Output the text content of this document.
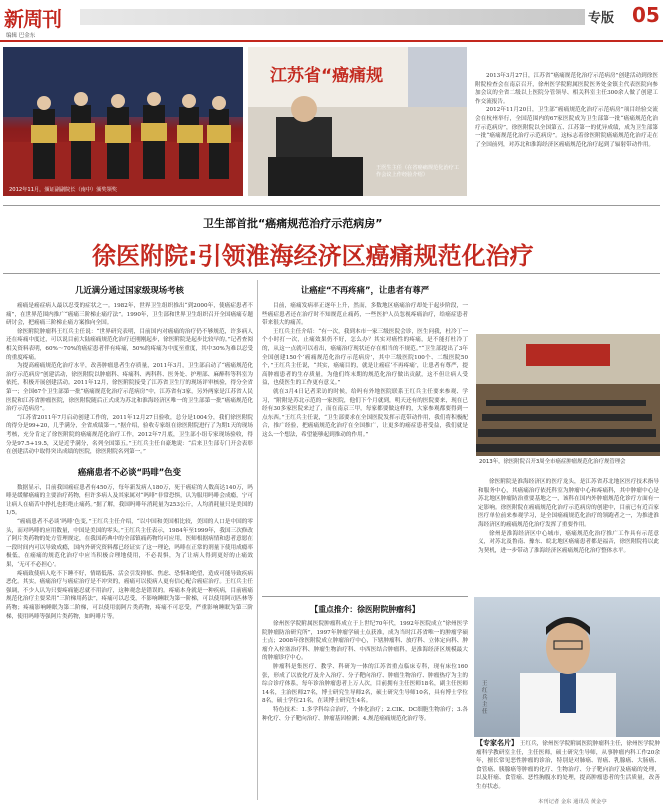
新周刊
编辑 巴金东
专版 05
2012年11月，颁证副副院长（南中）颁奖领奖
江苏省“癌痛规
王医生主任（在省癌痛规范化治疗工作会议上作经验介绍）

2013年3月27日，江苏省“癌痛规范化治疗示范病房”创建活动到徐医附院检查会在南京召开，徐州医学院附属医院医务处金镇主代表医院向参加会议的全省二级以上医院分管领导、相关科室主任300余人做了创建工作交流报告。

2012年11月20日，卫生部“癌痛规范化治疗示范病房”项目经验交流会在杭州举行，全国范围内的67家医院成为卫生部第一批“癌痛规范化治疗示范病房”，徐医附院以全国第五、江苏第一的优异成绩，成为卫生部第一批“癌痛规范化治疗示范病房”。这标志着徐医附院癌痛规范化治疗走在了全国前列，对苏北和淮海经济区癌痛规范化治疗起到了辐射带动作用。

卫生部首批“癌痛规范治疗示范病房”
徐医附院:引领淮海经济区癌痛规范化治疗
几近满分通过国家级现场考核

癌痛是癌症病人最以忍受的症状之一。1982年，世界卫生组织推出“到2000年，使癌症患者不痛”，在世界范围内推广“癌痛三阶梯止痛疗法”。1990年，卫生部和世界卫生组织召开全国癌痛专题研讨会，把癌痛三阶梯止痛方案推向全国。

徐医附院肿瘤科王红兵主任说：“世界研究表明，目前国内对癌痛的治疗仍不够规范，许多病人还在疼痛中度过，可以说目前大陆癌痛规范化治疗还刚刚起步，徐医附院是起步比较早的。”记者查阅相关资料表明，60%～70%的癌症患者伴有疼痛，50%的疼痛为中度至重度，其中30%为难以忍受的重度疼痛。

为提高癌痛规范化治疗水平，改善肿瘤患者生存质量，2011年3月，卫生部启动了“癌痛规范化治疗示范病房”创建活动，徐医附院以肿瘤科、疼痛科、两科科、医务处、护理部、麻醉科等科室为依托，积极开展创建活动。2011年12月，徐医附院接受了江苏省卫生厅的现场评审核验，得分全省第一；全国67个卫生部第一批“癌痛规范化治疗示范病房”中，江苏省有3家，另外两家是江苏省人民医院和江苏省肿瘤医院，徐医附院随后正式成为苏北和淮海经济区唯一的卫生部第一批“癌痛规范化治疗示范病房”。

“江苏省2011年7月启动创建工作的，2011年12月27日验收，总分是1004分，我们徐医附院的得分是99+20，几乎满分，全省成绩第一。”据介绍，验收专家组在徐医附院进行了为期1天的现场考核，充分肯定了徐医附院的癌痛规范化治疗工作，2012年7月底，卫生部小组专家现场验收，得分是97.5+19.5，又是近乎满分，名列全国第五。”王红兵主任自豪地说：“后来卫生部专门开会表彰在创建活动中取得突出成绩的医院，徐医附院名列第一。”

癌痛患者不必谈“吗啡”色变

数据显示，目前我国癌症患者有450万，每年新发病人180万，死于癌症的人数高达140万，吗啡是缓解癌痛的主要治疗药物，但许多病人及其家属对“吗啡”非常恐惧，认为服用吗啡会成瘾，宁可让病人在痛苦中挣扎也拒绝止痛药。”据了解，我国吗啡年消耗量为253公斤，人均消耗量只是美国的1/5。

“癌痛患者不必谈‘吗啡’色变，”王红兵主任介绍，“以中国和美国相比较，美国的人口是中国的零头，而对吗啡的应用数量，中国是美国的零头。”王红兵主任表示，1984年至1999年，我国三次修改了阿片类药物的处方管理规定，在我国药典中的全部镇痛药物均可应用，医师根据病情和患者意愿在一段时间内可以导致成瘾，国内外研究资料都已经证实了这一理论，吗啡在正常的剂量下使用成瘾率极低，在癌痛的规范化治疗中应当积极合理地使用，不必畏惧，为了让病人得到更好的止痛效果，‘无可不必担心’。

疼痛致使病人吃不下睡不好，情绪低落、活会引发抑郁、焦虑、恐惧和绝望，造成可能导致疾病恶化。其实，癌痛治疗与癌症治疗是不冲突的，癌痛可以使病人更有信心配合癌症治疗。王红兵主任强调，不少人认为只要疼痛能忍就不用治疗，这种观念是错误的。疼痛本身就是一种疾病，目前癌痛规范化治疗主要采用“三阶梯用药法”，疼痛可以忍受，不影响睡眠为第一阶梯，可以使用阿司匹林等药物；疼痛影响睡眠为第二阶梯，可以使用弱阿片类药物，疼痛不可忍受，严重影响睡眠为第三阶梯，使用吗啡等强阿片类药物，如吗啡片等。

让癌症“不再疼痛”，让患者有尊严

目前，癌痛发病率正逐年上升，然而，多数地区癌痛治疗却处于起步阶段，一些癌症患者还在治疗时不知规范止痛药，一些医护人员忽视疼痛治疗，给癌症患者带来很大的痛苦。

王红兵主任介绍：“有一次，我到本市一家三级医院会诊，医生问我，杜冷丁一个小时打一次，止痛效果仍不好，怎么办？其实对癌性的疼痛，是不能打杜冷丁的，从这一点就可以看出，癌痛治疗现状还存在相当的不规范。”“卫生部提出了3年全国创建150个‘癌痛规范化治疗示范病房’，其中三级医院100个、二级医院50个，”王红兵主任说，“其实，癌痛目的，就是让癌症‘不再疼痛’，让患者有尊严，提高肿瘤患者的生存质量，为他们终末期的规范化治疗做出贡献，这不但让病人受益，也使医生的工作更有意义。”

就在3月4日记者采访的时候，给吗有外地医院联系王红兵主任要来参观、学习，“附附是苏北示范的一家医院，他们下个月就到，明天还有的医院要来，现在已经有30多家医院来过了，而在南京三甲，每家都要做这样的，大家参观都要得到一点东西。”王红兵主任说，“卫生部要求在全国医院发挥示范带动作用，我们将积极配合，推广经验，把癌痛规范化治疗在全国推广，让更多的癌症患者受益，我们就是这么一个想法，希望能够起到推动的作用。”

【重点推介：徐医附院肿瘤科】

徐州医学院附属医院肿瘤科成立于上世纪70年代，1992年医院成立“徐州医学院肿瘤防治研究所”，1997年肿瘤学硕士点获准，成为当时江苏省唯一的肿瘤学硕士点；2008年徐医附院成立肿瘤治疗中心，下辖肿瘤科、放疗科、立体定向科、肿瘤介入栓塞治疗科、肿瘤生物治疗科、中西医结合肿瘤科，是淮海经济区规模最大的肿瘤诊疗中心。

肿瘤科是集医疗、教学、科研为一体的江苏省重点临床专科，现有床位160张，形成了以放化疗及介入治疗、分子靶向治疗、肿瘤生物治疗、肿瘤热疗为主的综合诊疗体系，每年诊治肿瘤患者上万人次，目前拥有主任医师18名，副主任医师14名，主治医师27名，博士研究生导师2名，硕士研究生导师10名，具有博士学位8名，硕士学位21名，在读博士研究生4名。

特色技术：1.多学科综合治疗，个体化治疗；2.CIK、DC细胞生物治疗；3.各种化疗、分子靶向治疗、肿瘤基因检测；4.规范癌痛规范化治疗等。

2013年，徐医附院召开3周全市癌症肿瘤规范化治疗规管理会

徐医附院是淮海经济区的医疗龙头，是江苏省苏北地区医疗技术指导和服务中心，其癌痛治疗依托科室为肿瘤中心和疼痛科，其中肿瘤中心是苏北地区肿瘤防治重要基地之一，该科在国内外肿瘤规范化诊疗方面有一定影响。徐医附院在癌痛规范化治疗示范病房的创建中，目前已有近百家医疗单位前来参观学习，是全国癌痛规范化治疗的领跑者之一，为推进淮海经济区的癌痛规范化治疗发挥了重要作用。

徐州是淮海经济区中心城市，癌痛规范化治疗推广工作具有示范意义，对苏北及鲁南、豫东、皖北地区癌痛患者都是福音，徐医附院将以此为契机，进一步带动了淮海经济区癌痛规范化治疗整体水平。

王红兵主任
【专家名片】 王红兵，徐州医学院附属医院肿瘤科主任，徐州医学院肿瘤科学教研室主任，主任医师，硕士研究生导师，从事肿瘤内科工作20余年，擅长常见恶性肿瘤的诊治，特别是对肺癌、胃癌、乳腺癌、大肠癌、食管癌、胰腺癌等肿瘤的化疗、生物治疗、分子靶向治疗及癌痛的处理，以及肝癌、食管癌、恶性胸腹水的处理，提高肿瘤患者的生活质量，改善生存状态。
本刊记者 金东 通讯员 黄金亭
